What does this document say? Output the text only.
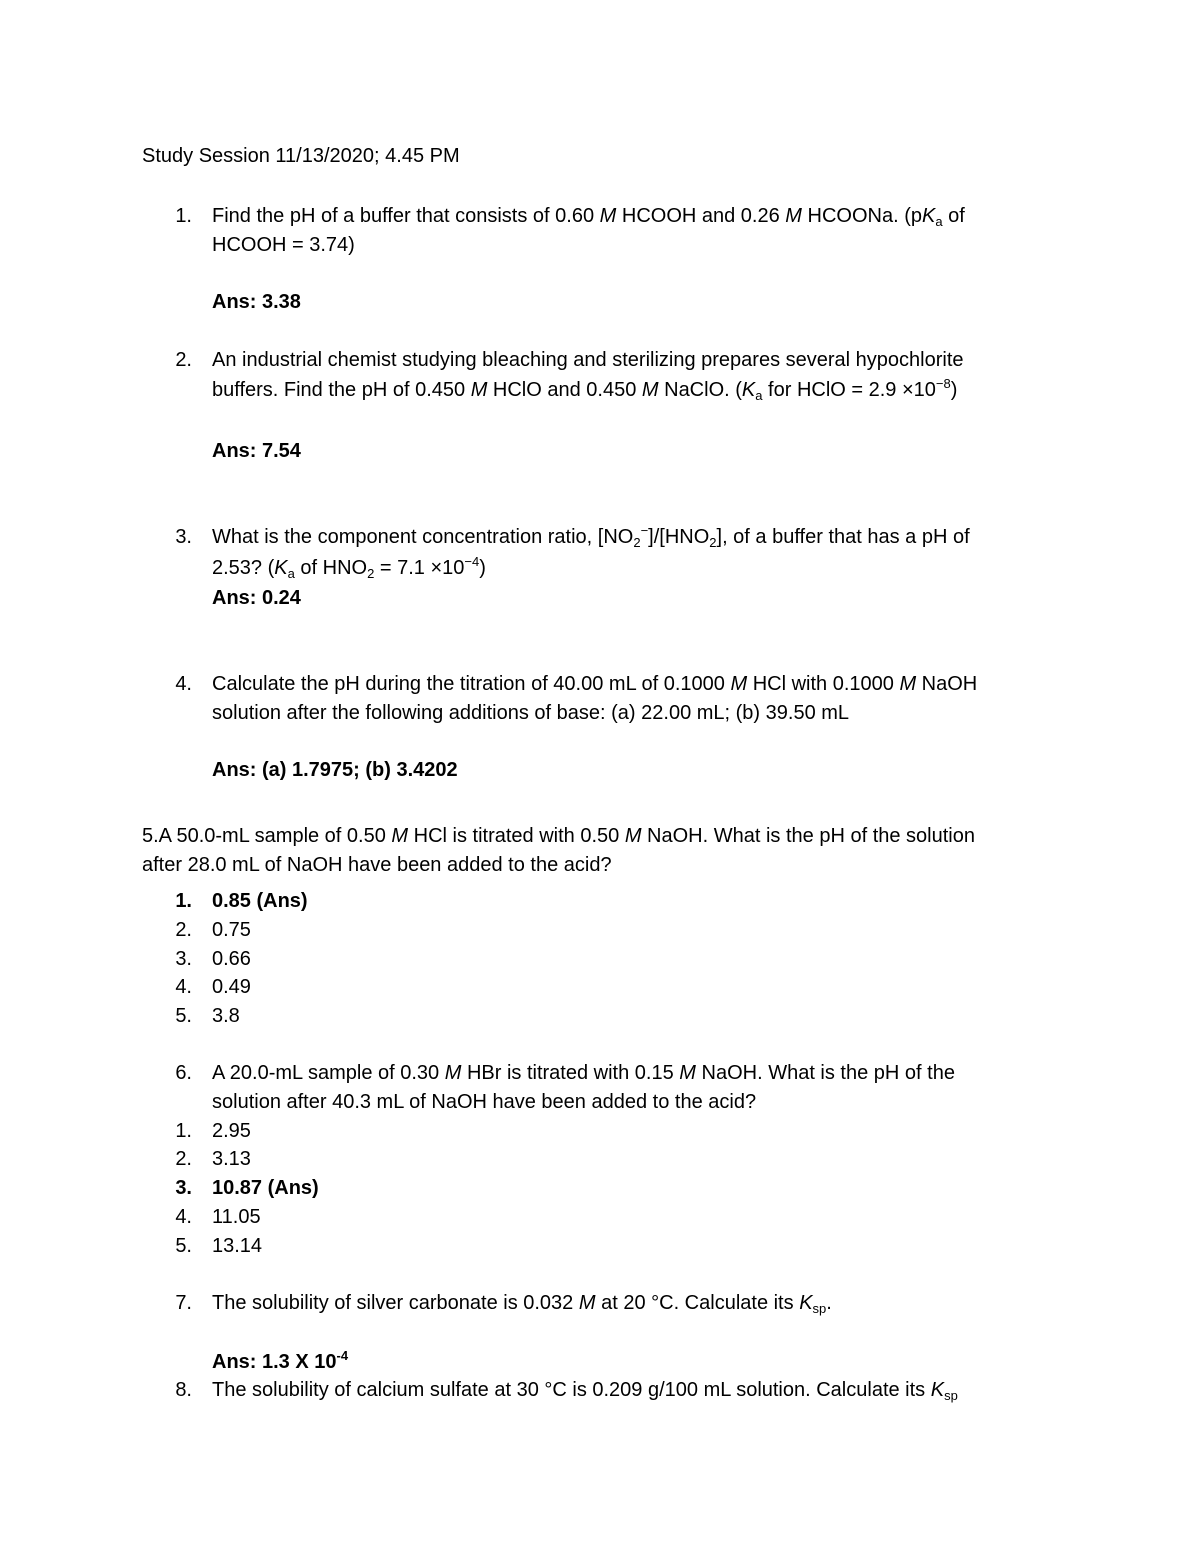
Study Session 11/13/2020; 4.45 PM
1. Find the pH of a buffer that consists of 0.60 M HCOOH and 0.26 M HCOONa. ($pK_a$ of
HCOOH = 3.74)
Ans: 3.38
2. An industrial chemist studying bleaching and sterilizing prepares several hypochlorite
buffers. Find the pH of 0.450 M HClO and 0.450 M NaClO. ($K_a$ for HClO = $2.9 \times 10^{-8}$)
Ans: 7.54
3. What is the component concentration ratio, $[NO_2^-]/[HNO_2]$, of a buffer that has a pH of
2.53? ($K_a$ of $HNO_2 = 7.1 \times 10^{-4}$)
Ans: 0.24
4. Calculate the pH during the titration of 40.00 mL of 0.1000 M HCl with 0.1000 M NaOH
solution after the following additions of base: (a) 22.00 mL; (b) 39.50 mL
Ans: (a) 1.7975; (b) 3.4202
5.A 50.0-mL sample of 0.50 M HCl is titrated with 0.50 M NaOH. What is the pH of the solution
after 28.0 mL of NaOH have been added to the acid?
1. 0.85 (Ans)
2. 0.75
3. 0.66
4. 0.49
5. 3.8
6. A 20.0-mL sample of 0.30 M HBr is titrated with 0.15 M NaOH. What is the pH of the
solution after 40.3 mL of NaOH have been added to the acid?
1. 2.95
2. 3.13
3. 10.87 (Ans)
4. 11.05
5. 13.14
7. The solubility of silver carbonate is 0.032 M at 20 °C. Calculate its $K_{sp}$.
Ans: 1.3 X $10^{-4}$
8. The solubility of calcium sulfate at 30 °C is 0.209 g/100 mL solution. Calculate its $K_{sp}$
